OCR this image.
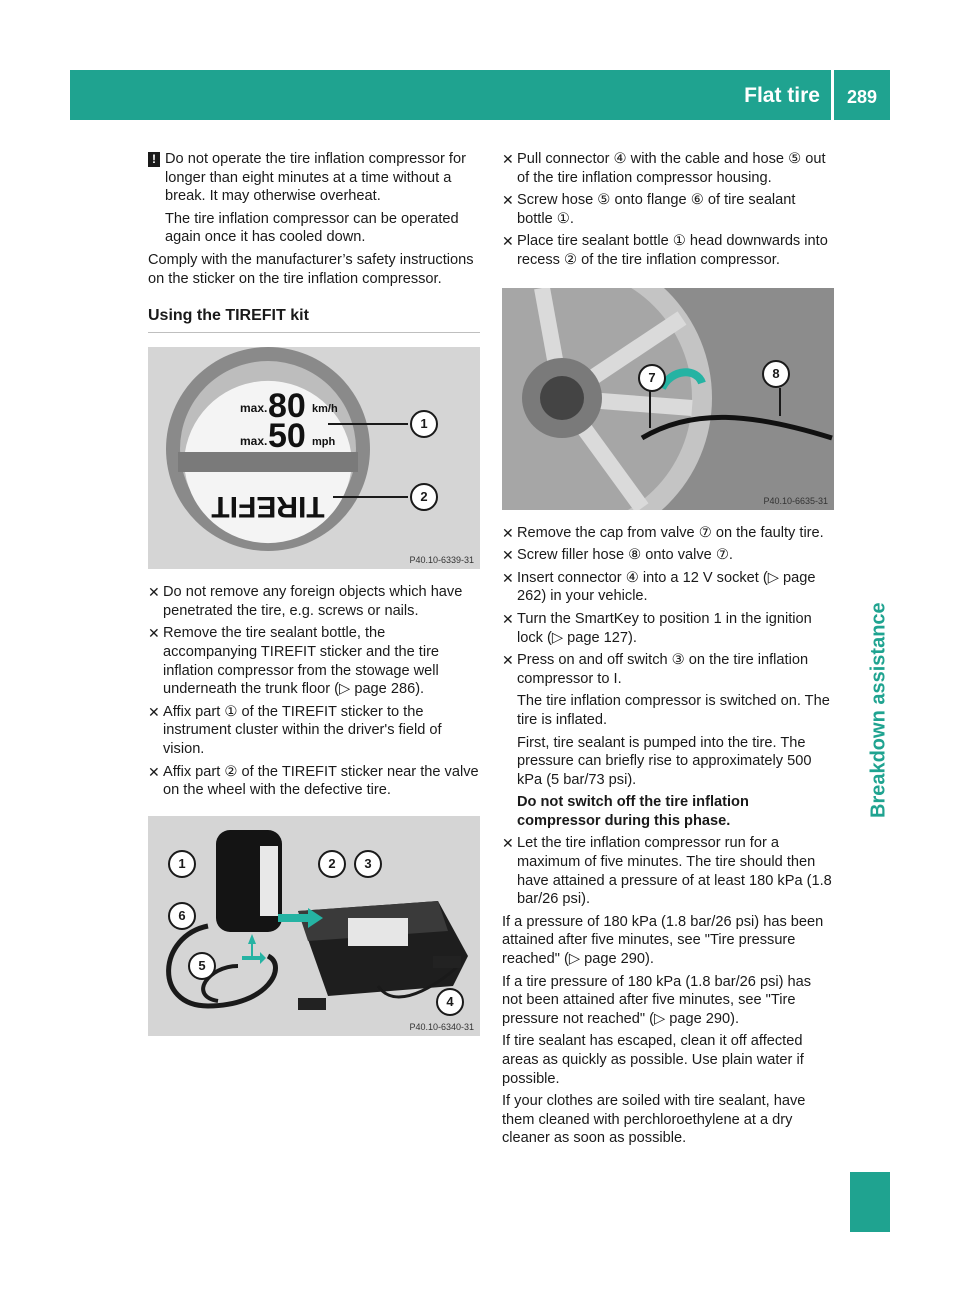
Flat tire	289
Breakdown assistance
! Do not operate the tire inflation compressor for longer than eight minutes at a time without a break. It may otherwise overheat.

The tire inflation compressor can be operated again once it has cooled down.

Comply with the manufacturer’s safety instructions on the sticker on the tire inflation compressor.

Using the TIREFIT kit
max. 80 km/h
max. 50 mph
TIREFIT
1
2
P40.10-6339-31
✕ Do not remove any foreign objects which have penetrated the tire, e.g. screws or nails.
✕ Remove the tire sealant bottle, the accompanying TIREFIT sticker and the tire inflation compressor from the stowage well underneath the trunk floor (▷ page 286).
✕ Affix part ① of the TIREFIT sticker to the instrument cluster within the driver's field of vision.
✕ Affix part ② of the TIREFIT sticker near the valve on the wheel with the defective tire.
1	2	3
4
5
6
P40.10-6340-31
✕ Pull connector ④ with the cable and hose ⑤ out of the tire inflation compressor housing.
✕ Screw hose ⑤ onto flange ⑥ of tire sealant bottle ①.
✕ Place tire sealant bottle ① head downwards into recess ② of the tire inflation compressor.
7	8
P40.10-6635-31
✕ Remove the cap from valve ⑦ on the faulty tire.
✕ Screw filler hose ⑧ onto valve ⑦.
✕ Insert connector ④ into a 12 V socket (▷ page 262) in your vehicle.
✕ Turn the SmartKey to position 1 in the ignition lock (▷ page 127).
✕ Press on and off switch ③ on the tire inflation compressor to I.

The tire inflation compressor is switched on. The tire is inflated.

First, tire sealant is pumped into the tire. The pressure can briefly rise to approximately 500 kPa (5 bar/73 psi).

Do not switch off the tire inflation compressor during this phase.

✕ Let the tire inflation compressor run for a maximum of five minutes. The tire should then have attained a pressure of at least 180 kPa (1.8 bar/26 psi).

If a pressure of 180 kPa (1.8 bar/26 psi) has been attained after five minutes, see "Tire pressure reached" (▷ page 290).

If a tire pressure of 180 kPa (1.8 bar/26 psi) has not been attained after five minutes, see "Tire pressure not reached" (▷ page 290).

If tire sealant has escaped, clean it off affected areas as quickly as possible. Use plain water if possible.

If your clothes are soiled with tire sealant, have them cleaned with perchloroethylene at a dry cleaner as soon as possible.
